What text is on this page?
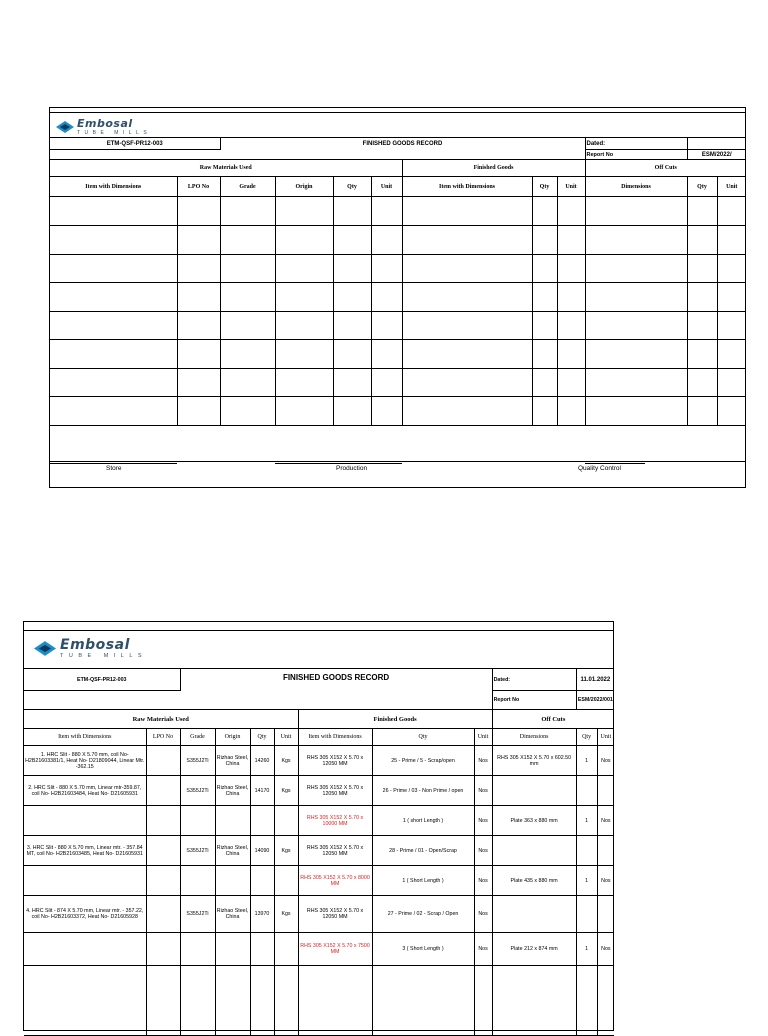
Embosal
TUBE MILLS
ETM-QSF-PR12-003		FINISHED GOODS RECORD							Dated:		
									Report No	ESM/2022/	
Raw Materials Used						Finished Goods			Off Cuts		
Item with Dimensions	LPO No	Grade	Origin	Qty	Unit	Item with Dimensions	Qty	Unit	Dimensions	Qty	Unit

Store	Production	Quality Control
Embosal
TUBE MILLS
ETM-QSF-PR12-003		FINISHED GOODS RECORD							Dated:	11.01.2022	
									Report No	ESM/2022/001	
Raw Materials Used						Finished Goods			Off Cuts		
Item with Dimensions	LPO No	Grade	Origin	Qty	Unit	Item with Dimensions	Qty	Unit	Dimensions	Qty	Unit
1. HRC Slit - 880 X 5.70 mm, coil No- H2B21603381/1, Heat No- D21809044, Linear Mtr. -362.15		S355J2Ti	Rizhao Steel, China	14260	Kgs	RHS 305 X152 X 5.70 x 12050 MM	25 - Prime / 5 - Scrap/open	Nos	RHS 305 X152 X 5.70 x 602.50 mm	1	Nos
2. HRC Slit - 880 X 5.70 mm, Linear mtr-359.87, coil No- H2B21603484, Heat No- D21605931		S355J2Ti	Rizhao Steel, China	14170	Kgs	RHS 305 X152 X 5.70 x 12050 MM	26 - Prime / 03 - Non Prime / open	Nos			
						RHS 305 X152 X 5.70 x 10000 MM	1 ( short Length )	Nos	Plate 363 x 880 mm	1	Nos
3. HRC Slit - 880 X 5.70 mm, Linear mtr. - 357.84 MT, coil No- H2B21603485, Heat No- D21605931		S355J2Ti	Rizhao Steel, China	14090	Kgs	RHS 305 X152 X 5.70 x 12050 MM	28 - Prime / 01 - Open/Scrap	Nos			
						RHS 305 X152 X 5.70 x 8000 MM	1 ( Short Length )	Nos	Plate 435 x 880 mm	1	Nos
4. HRC Slit - 874 X 5.70 mm, Linear mtr. - 357.22, coil No- H2B21603372, Heat No- D21605928		S355J2Ti	Rizhao Steel, China	13970	Kgs	RHS 305 X152 X 5.70 x 12050 MM	27 - Prime / 02 - Scrap / Open	Nos			
						RHS 305 X152 X 5.70 x 7500 MM	3 ( Short Length )	Nos	Plate 212 x 874 mm	1	Nos
